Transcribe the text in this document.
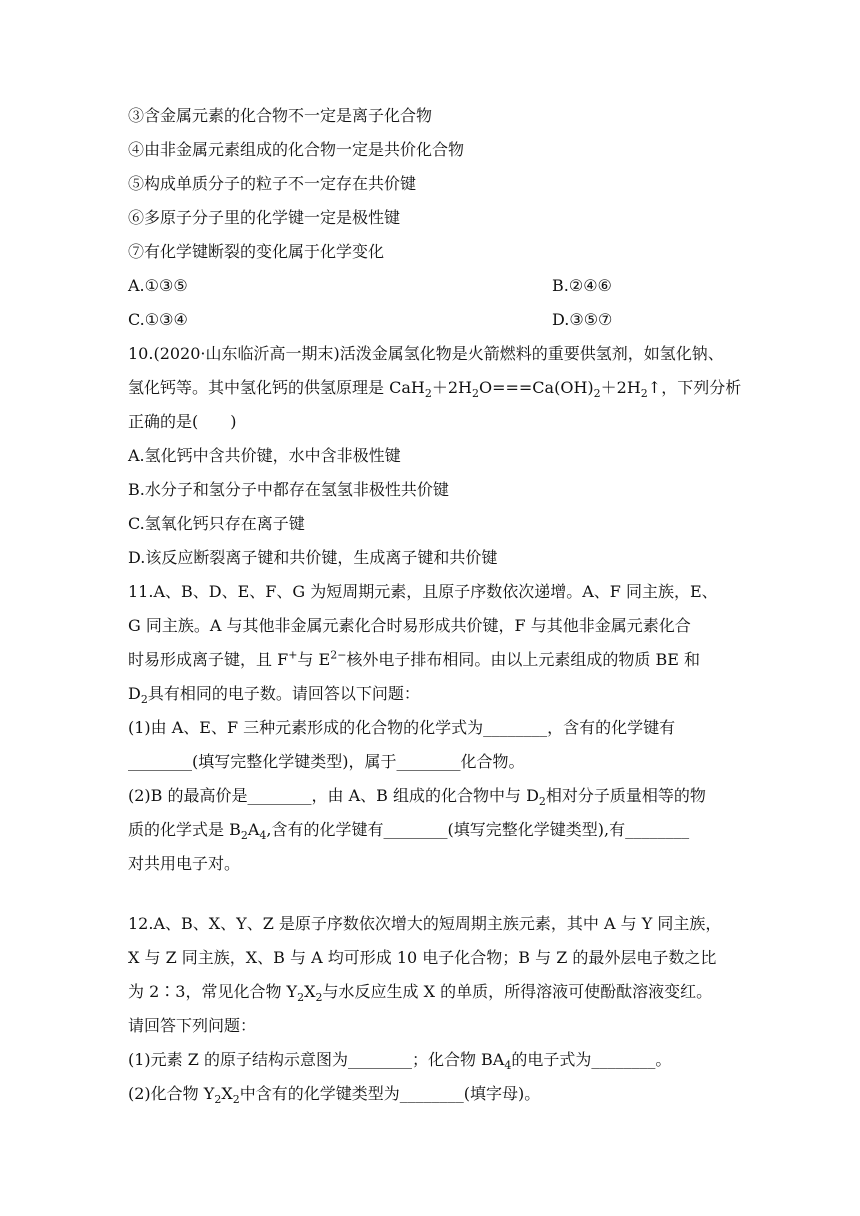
③含金属元素的化合物不一定是离子化合物
④由非金属元素组成的化合物一定是共价化合物
⑤构成单质分子的粒子不一定存在共价键
⑥多原子分子里的化学键一定是极性键
⑦有化学键断裂的变化属于化学变化
A.①③⑤	B.②④⑥
C.①③④	D.③⑤⑦
10.(2020·山东临沂高一期末)活泼金属氢化物是火箭燃料的重要供氢剂，如氢化钠、
氢化钙等。其中氢化钙的供氢原理是 $CaH_2+2H_2O===Ca(OH)_2+2H_2↑$，下列分析
正确的是(　　)
A.氢化钙中含共价键，水中含非极性键
B.水分子和氢分子中都存在氢氢非极性共价键
C.氢氧化钙只存在离子键
D.该反应断裂离子键和共价键，生成离子键和共价键
11.A、B、D、E、F、G 为短周期元素，且原子序数依次递增。A、F 同主族，E、
G 同主族。A 与其他非金属元素化合时易形成共价键，F 与其他非金属元素化合
时易形成离子键，且 F+与 $E^{2-}$核外电子排布相同。由以上元素组成的物质 BE 和
$D_2$具有相同的电子数。请回答以下问题：
(1)由 A、E、F 三种元素形成的化合物的化学式为________，含有的化学键有
________(填写完整化学键类型)，属于________化合物。
(2)B 的最高价是________，由 A、B 组成的化合物中与 $D_2$相对分子质量相等的物
质的化学式是 $B_2A_4$,含有的化学键有________(填写完整化学键类型),有________
对共用电子对。
12.A、B、X、Y、Z 是原子序数依次增大的短周期主族元素，其中 A 与 Y 同主族，
X 与 Z 同主族，X、B 与 A 均可形成 10 电子化合物；B 与 Z 的最外层电子数之比
为 2∶3，常见化合物 $Y_2X_2$与水反应生成 X 的单质，所得溶液可使酚酞溶液变红。
请回答下列问题：
(1)元素 Z 的原子结构示意图为________；化合物 $BA_4$的电子式为________。
(2)化合物 $Y_2X_2$中含有的化学键类型为________(填字母)。
